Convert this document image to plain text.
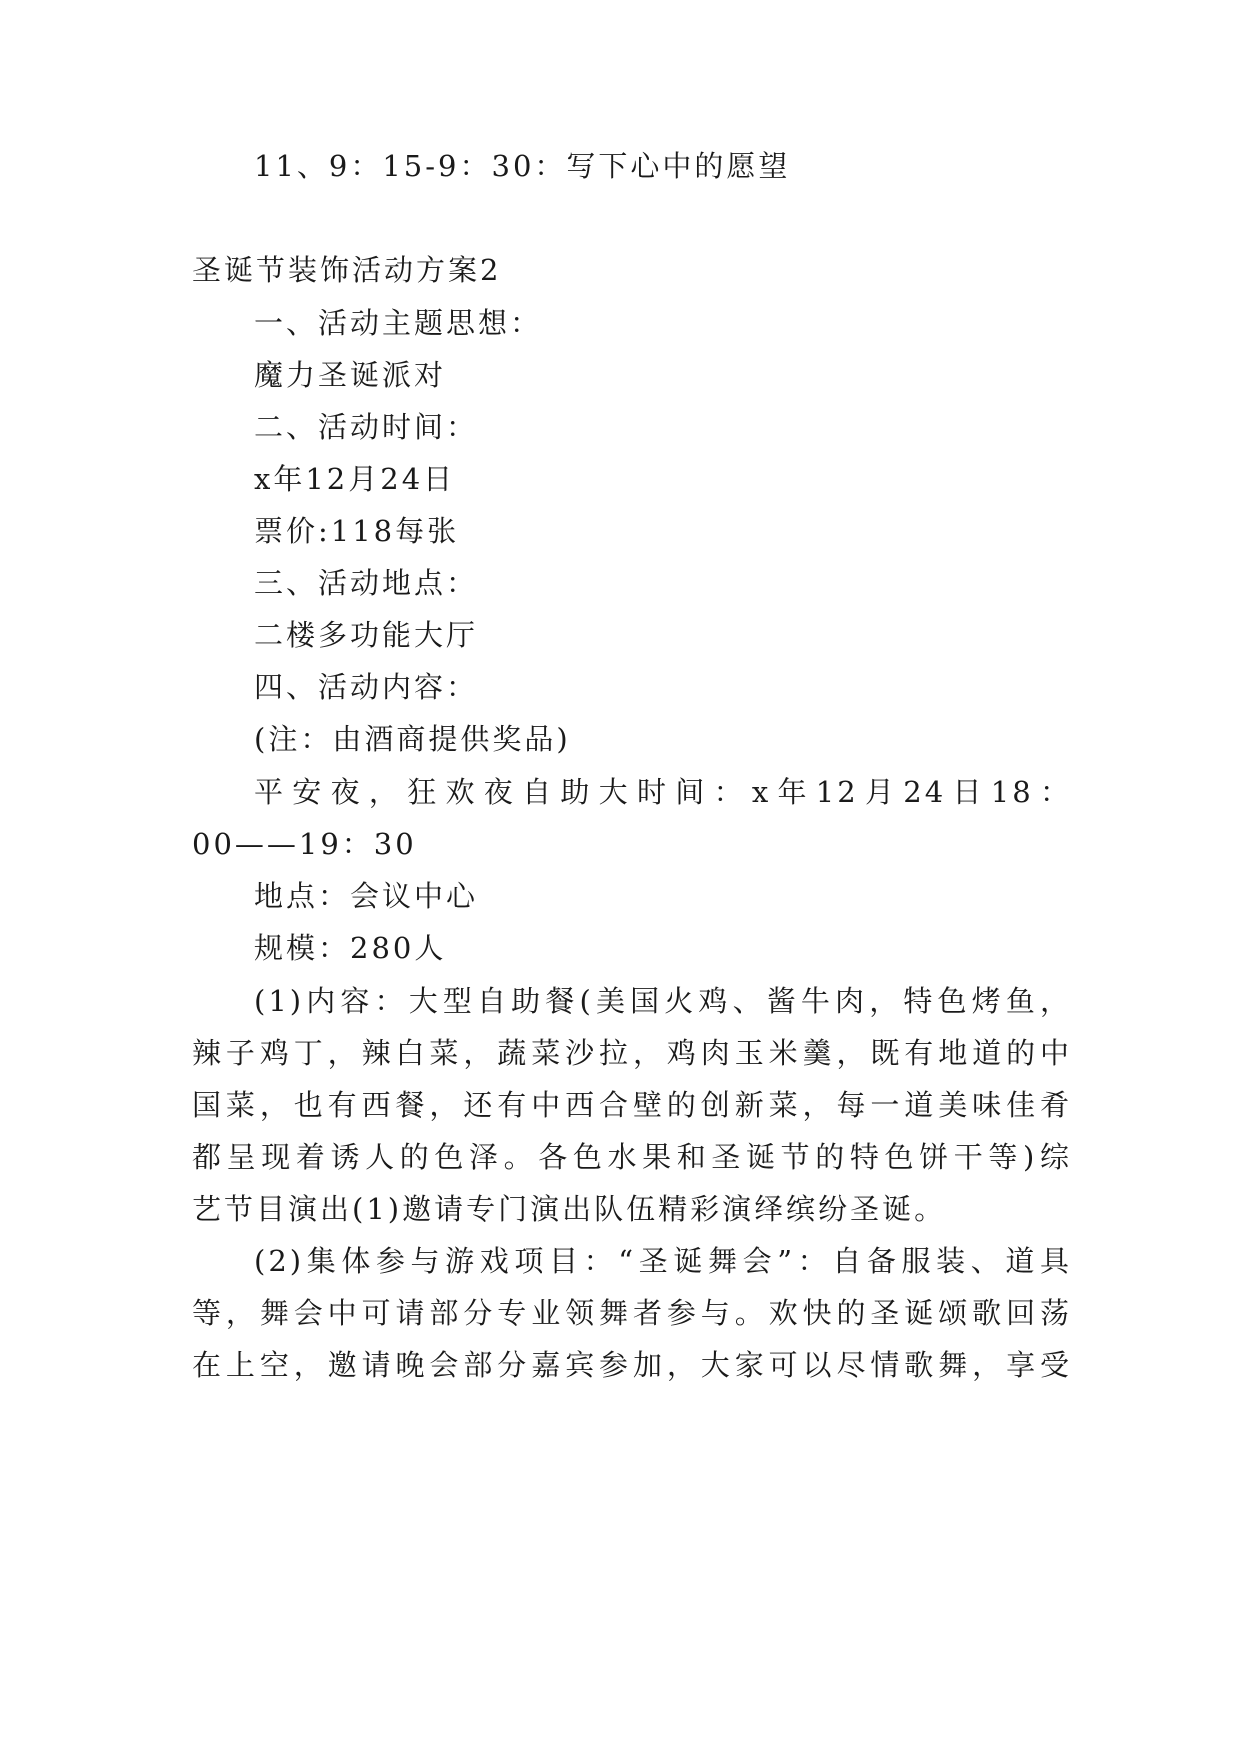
11、9：15-9：30：写下心中的愿望
圣诞节装饰活动方案2
一、活动主题思想：
魔力圣诞派对
二、活动时间：
x年12月24日
票价:118每张
三、活动地点：
二楼多功能大厅
四、活动内容：
(注：由酒商提供奖品)
平安夜，狂欢夜自助大时间：x年12月24日18：
00——19：30
地点：会议中心
规模：280人
(1)内容：大型自助餐(美国火鸡、酱牛肉，特色烤鱼，
辣子鸡丁，辣白菜，蔬菜沙拉，鸡肉玉米羹，既有地道的中
国菜，也有西餐，还有中西合壁的创新菜，每一道美味佳肴
都呈现着诱人的色泽。各色水果和圣诞节的特色饼干等)综
艺节目演出(1)邀请专门演出队伍精彩演绎缤纷圣诞。
(2)集体参与游戏项目：“圣诞舞会”：自备服装、道具
等，舞会中可请部分专业领舞者参与。欢快的圣诞颂歌回荡
在上空，邀请晚会部分嘉宾参加，大家可以尽情歌舞，享受
